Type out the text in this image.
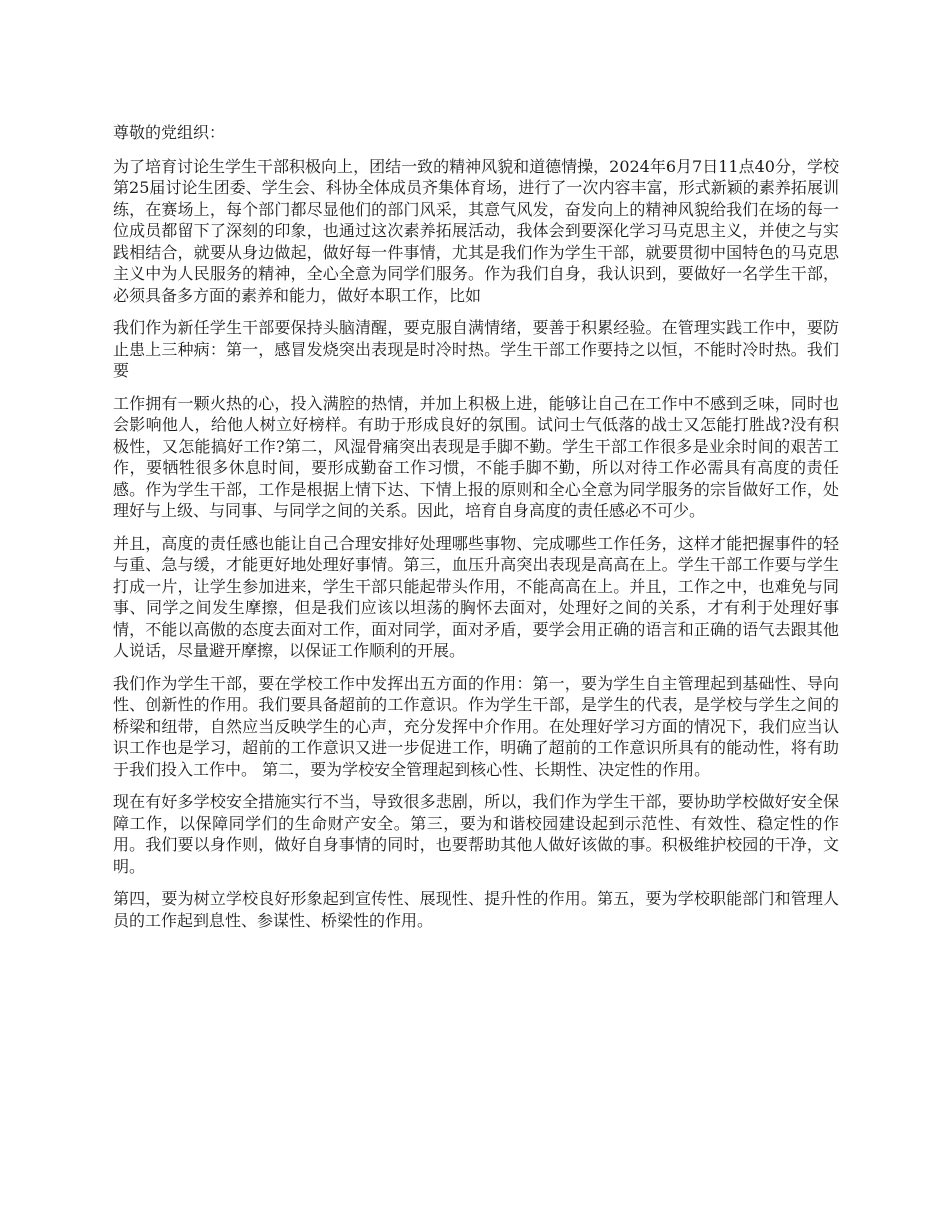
尊敬的党组织：

为了培育讨论生学生干部积极向上，团结一致的精神风貌和道德情操，2024年6月7日11点40分，学校第25届讨论生团委、学生会、科协全体成员齐集体育场，进行了一次内容丰富，形式新颖的素养拓展训练，在赛场上，每个部门都尽显他们的部门风采，其意气风发，奋发向上的精神风貌给我们在场的每一位成员都留下了深刻的印象，也通过这次素养拓展活动，我体会到要深化学习马克思主义，并使之与实践相结合，就要从身边做起，做好每一件事情，尤其是我们作为学生干部，就要贯彻中国特色的马克思主义中为人民服务的精神，全心全意为同学们服务。作为我们自身，我认识到，要做好一名学生干部，必须具备多方面的素养和能力，做好本职工作，比如

我们作为新任学生干部要保持头脑清醒，要克服自满情绪，要善于积累经验。在管理实践工作中，要防止患上三种病：第一，感冒发烧突出表现是时冷时热。学生干部工作要持之以恒，不能时冷时热。我们要

工作拥有一颗火热的心，投入满腔的热情，并加上积极上进，能够让自己在工作中不感到乏味，同时也会影响他人，给他人树立好榜样。有助于形成良好的氛围。试问士气低落的战士又怎能打胜战?没有积极性，又怎能搞好工作?第二，风湿骨痛突出表现是手脚不勤。学生干部工作很多是业余时间的艰苦工作，要牺牲很多休息时间，要形成勤奋工作习惯，不能手脚不勤，所以对待工作必需具有高度的责任感。作为学生干部，工作是根据上情下达、下情上报的原则和全心全意为同学服务的宗旨做好工作，处理好与上级、与同事、与同学之间的关系。因此，培育自身高度的责任感必不可少。

并且，高度的责任感也能让自己合理安排好处理哪些事物、完成哪些工作任务，这样才能把握事件的轻与重、急与缓，才能更好地处理好事情。第三，血压升高突出表现是高高在上。学生干部工作要与学生打成一片，让学生参加进来，学生干部只能起带头作用，不能高高在上。并且，工作之中，也难免与同事、同学之间发生摩擦，但是我们应该以坦荡的胸怀去面对，处理好之间的关系，才有利于处理好事情，不能以高傲的态度去面对工作，面对同学，面对矛盾，要学会用正确的语言和正确的语气去跟其他人说话，尽量避开摩擦，以保证工作顺利的开展。

我们作为学生干部，要在学校工作中发挥出五方面的作用：第一，要为学生自主管理起到基础性、导向性、创新性的作用。我们要具备超前的工作意识。作为学生干部，是学生的代表，是学校与学生之间的桥梁和纽带，自然应当反映学生的心声，充分发挥中介作用。在处理好学习方面的情况下，我们应当认识工作也是学习，超前的工作意识又进一步促进工作，明确了超前的工作意识所具有的能动性，将有助于我们投入工作中。 第二，要为学校安全管理起到核心性、长期性、决定性的作用。

现在有好多学校安全措施实行不当，导致很多悲剧，所以，我们作为学生干部，要协助学校做好安全保障工作，以保障同学们的生命财产安全。第三，要为和谐校园建设起到示范性、有效性、稳定性的作用。我们要以身作则，做好自身事情的同时，也要帮助其他人做好该做的事。积极维护校园的干净，文明。

第四，要为树立学校良好形象起到宣传性、展现性、提升性的作用。第五，要为学校职能部门和管理人员的工作起到息性、参谋性、桥梁性的作用。
